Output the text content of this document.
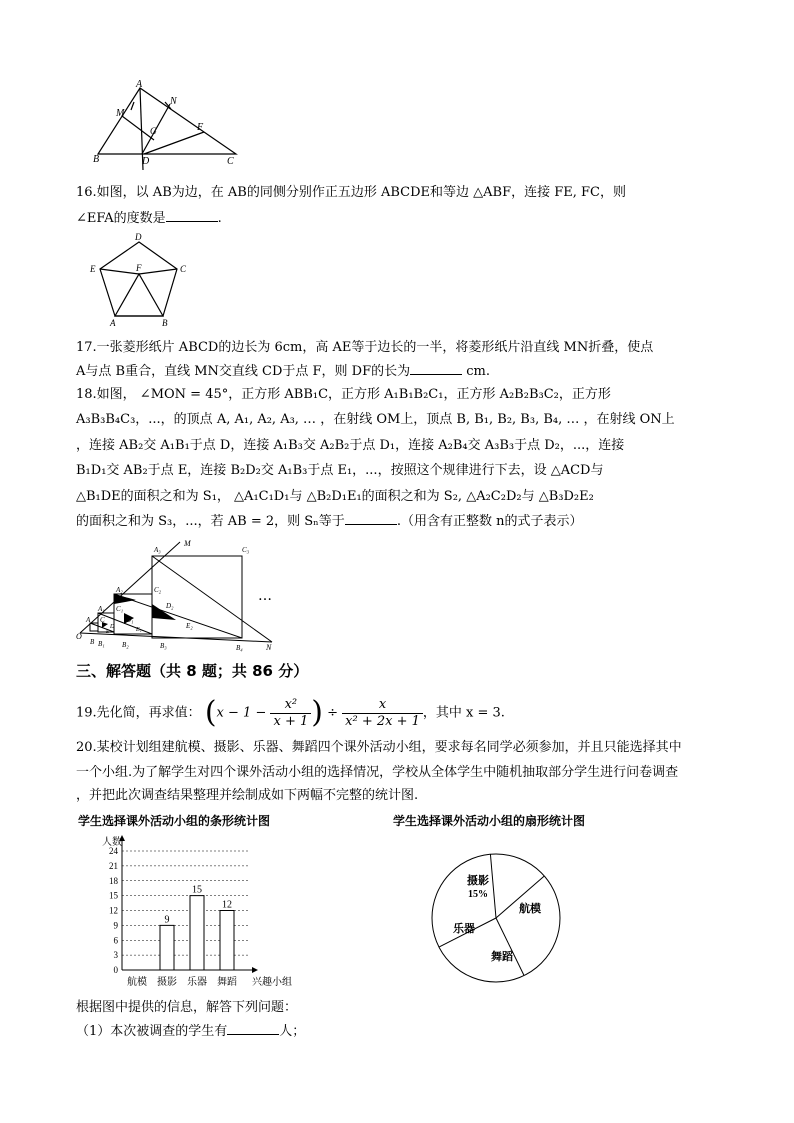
A
M
N
G	F
B	D	C
16.如图，以 AB为边，在 AB的同侧分别作正五边形 ABCDE和等边 △ABF，连接 FE, FC，则
∠EFA的度数是	.
D
E	F	C
A	B
17.一张菱形纸片 ABCD的边长为 6cm，高 AE等于边长的一半，将菱形纸片沿直线 MN折叠，使点
A与点 B重合，直线 MN交直线 CD于点 F，则 DF的长为	cm.
18.如图， ∠MON = 45°，正方形 ABB₁C，正方形 A₁B₁B₂C₁，正方形 A₂B₂B₃C₂，正方形
A₃B₃B₄C₃，...，的顶点 A, A₁, A₂, A₃, … ，在射线 OM上，顶点 B, B₁, B₂, B₃, B₄, … ，在射线 ON上
，连接 AB₂交 A₁B₁于点 D，连接 A₁B₃交 A₂B₂于点 D₁，连接 A₂B₄交 A₃B₃于点 D₂，...，连接
B₁D₁交 AB₂于点 E，连接 B₂D₂交 A₁B₃于点 E₁，...，按照这个规律进行下去，设 △ACD与
△B₁DE的面积之和为 S₁， △A₁C₁D₁与 △B₂D₁E₁的面积之和为 S₂, △A₂C₂D₂与 △B₃D₂E₂
的面积之和为 S₃，...，若 AB = 2，则 Sₙ等于	.（用含有正整数 n的式子表示）
M
N
O
A₃	C₃
A₂	C₂
A₁ C₁
A C
D₂
D₁
D	E₂
E₁
E
B B₁ B₂	B₃	B₄
…
三、解答题（共 8 题；共 86 分）
19.先化简，再求值： ($x - 1 - \frac{\text{x²}}{x + 1}$ ) ÷ $\frac{x}{\text{x² + 2x + 1}}$ ，其中 x = 3.
20.某校计划组建航模、摄影、乐器、舞蹈四个课外活动小组，要求每名同学必须参加，并且只能选择其中
一个小组.为了解学生对四个课外活动小组的选择情况，学校从全体学生中随机抽取部分学生进行问卷调查
，并把此次调查结果整理并绘制成如下两幅不完整的统计图.
学生选择课外活动小组的条形统计图	学生选择课外活动小组的扇形统计图
0
3
6
9
12
15
18
21
24
人数
兴趣小组
航模 摄影
9
乐器
15
舞蹈
12	航模
摄影
15%
乐器
舞蹈
根据图中提供的信息，解答下列问题：
（1）本次被调查的学生有	人；
